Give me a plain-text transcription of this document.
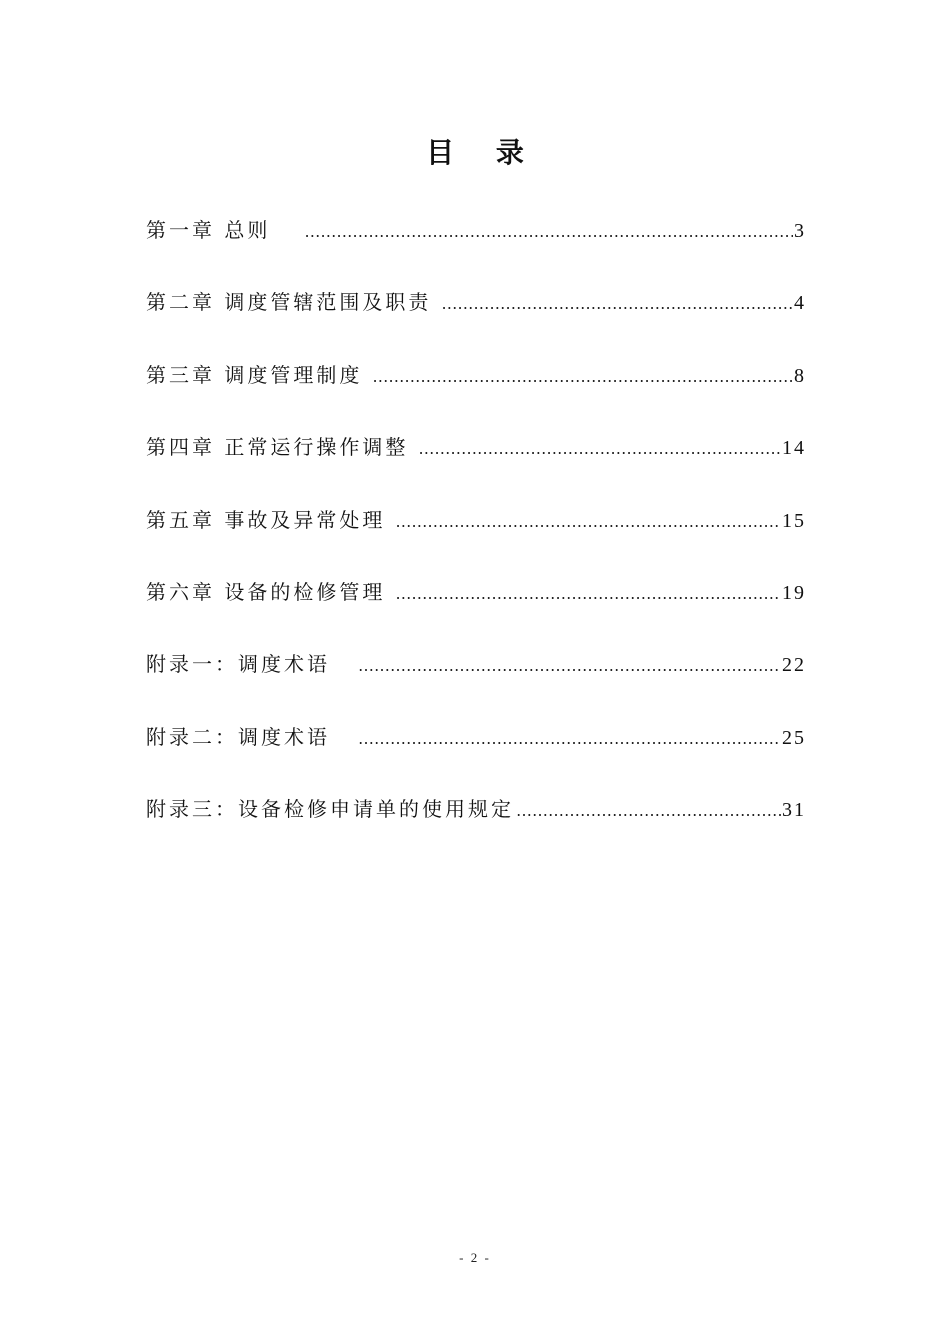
目 录
第一章 总则 ………………………………………………………………………………………………………………………………………………………………	3
第二章 调度管辖范围及职责 ………………………………………………………………………………………………………………………………………………………………	4
第三章 调度管理制度 ………………………………………………………………………………………………………………………………………………………………	8
第四章 正常运行操作调整 ………………………………………………………………………………………………………………………………………………………………	14
第五章 事故及异常处理 ………………………………………………………………………………………………………………………………………………………………	15
第六章 设备的检修管理 ………………………………………………………………………………………………………………………………………………………………	19
附录一：调度术语 ………………………………………………………………………………………………………………………………………………………………	22
附录二：调度术语 ………………………………………………………………………………………………………………………………………………………………	25
附录三：设备检修申请单的使用规定 ………………………………………………………………………………………………………………………………………………………………	31
- 2 -
